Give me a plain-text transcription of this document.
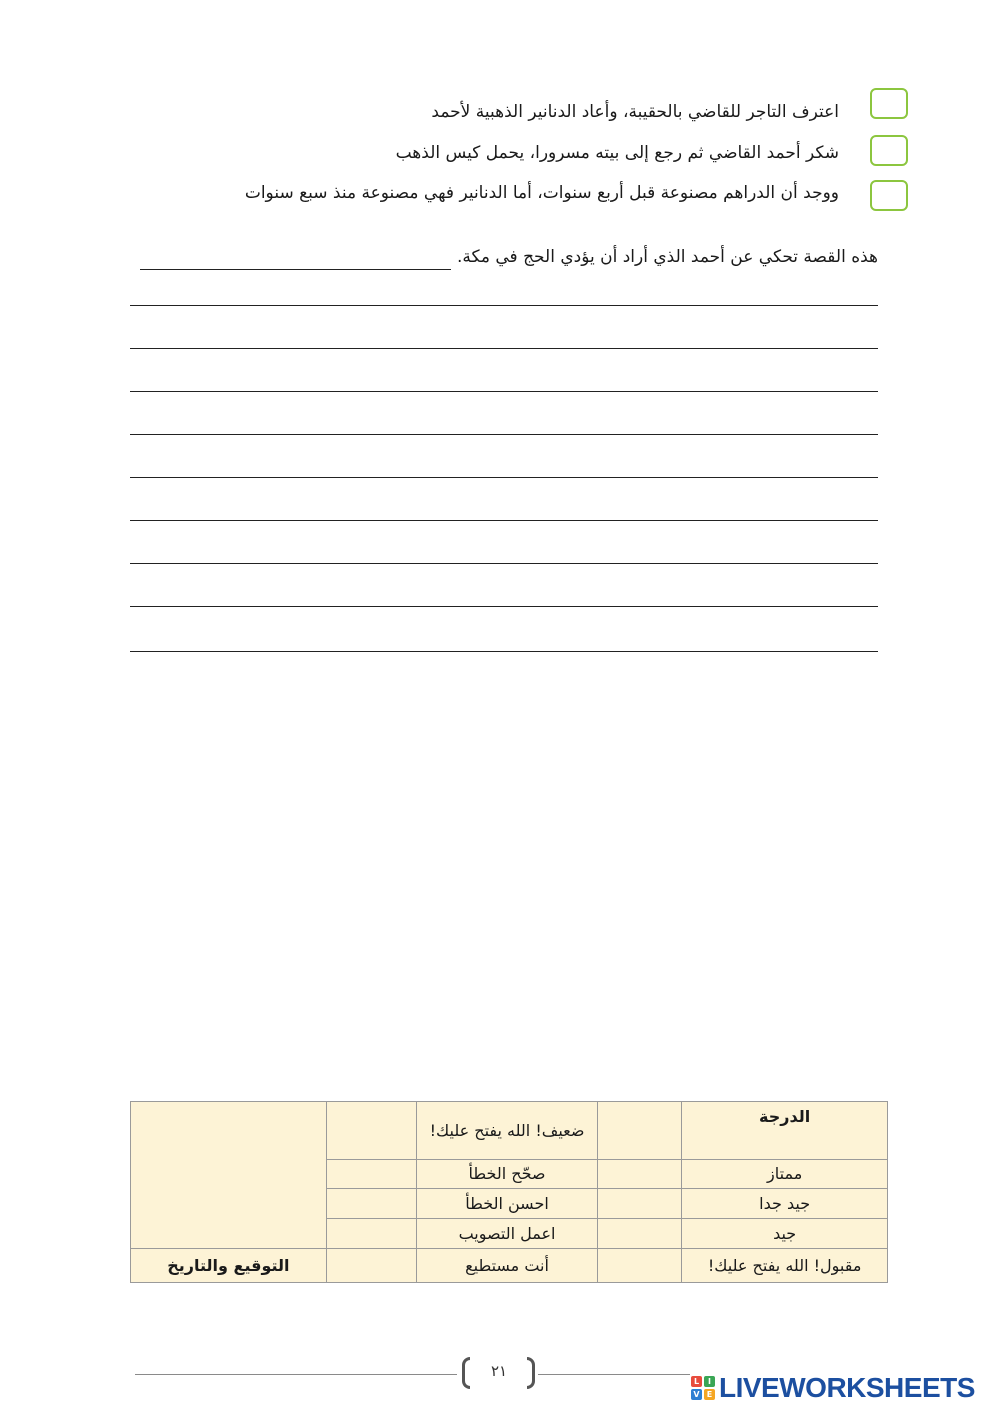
اعترف التاجر للقاضي بالحقيبة، وأعاد الدنانير الذهبية لأحمد
شكر أحمد القاضي ثم رجع إلى بيته مسرورا، يحمل كيس الذهب
ووجد أن الدراهم مصنوعة قبل أربع سنوات، أما الدنانير فهي مصنوعة منذ سبع سنوات
هذه القصة تحكي عن أحمد الذي أراد أن يؤدي الحج في مكة.
الدرجة		ضعيف! الله يفتح عليك!		
ممتاز		صحّح الخطأ		
جيد جدا		احسن الخطأ		
جيد		اعمل التصويب		
مقبول! الله يفتح عليك!		أنت مستطيع		التوقيع والتاريخ
٢١
L	I
V E LIVEWORKSHEETS
